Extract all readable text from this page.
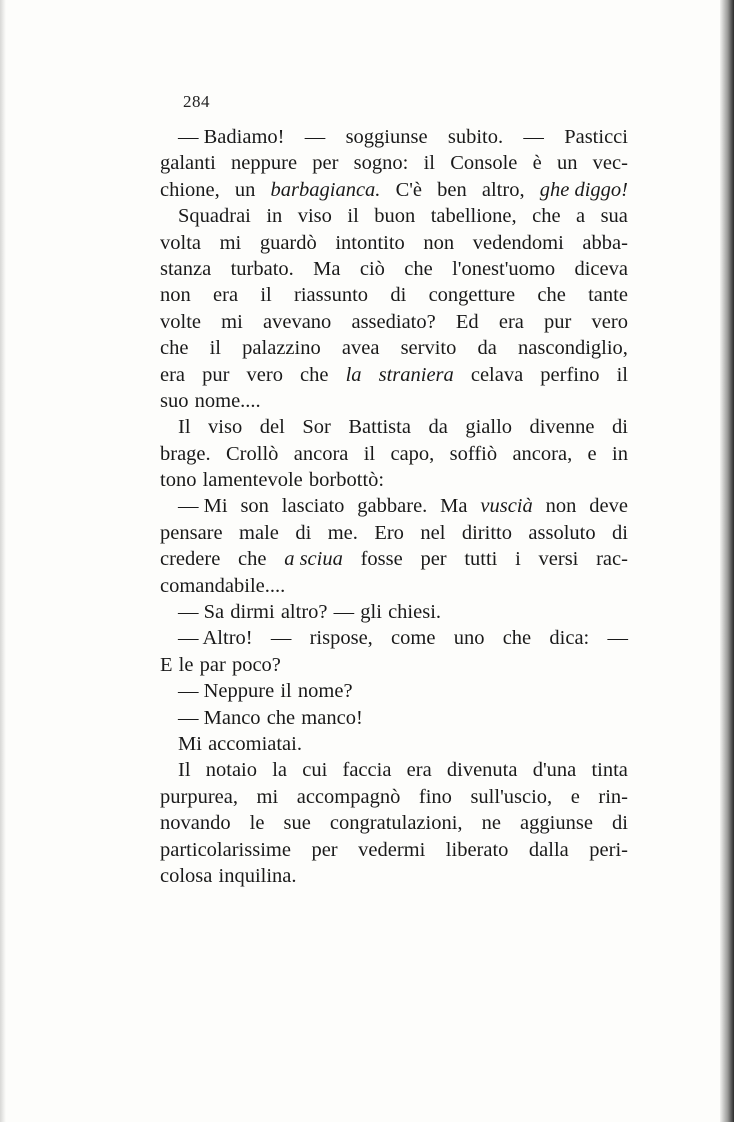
284
— Badiamo! — soggiunse subito. — Pasticci
galanti neppure per sogno: il Console è un vec-
chione, un barbagianca. C'è ben altro, ghe diggo!
Squadrai in viso il buon tabellione, che a sua
volta mi guardò intontito non vedendomi abba-
stanza turbato. Ma ciò che l'onest'uomo diceva
non era il riassunto di congetture che tante
volte mi avevano assediato? Ed era pur vero
che il palazzino avea servito da nascondiglio,
era pur vero che la straniera celava perfino il
suo nome....
Il viso del Sor Battista da giallo divenne di
brage. Crollò ancora il capo, soffiò ancora, e in
tono lamentevole borbottò:
— Mi son lasciato gabbare. Ma vuscià non deve
pensare male di me. Ero nel diritto assoluto di
credere che a sciua fosse per tutti i versi rac-
comandabile....
— Sa dirmi altro? — gli chiesi.
— Altro! — rispose, come uno che dica: —
E le par poco?
— Neppure il nome?
— Manco che manco!
Mi accomiatai.
Il notaio la cui faccia era divenuta d'una tinta
purpurea, mi accompagnò fino sull'uscio, e rin-
novando le sue congratulazioni, ne aggiunse di
particolarissime per vedermi liberato dalla peri-
colosa inquilina.
